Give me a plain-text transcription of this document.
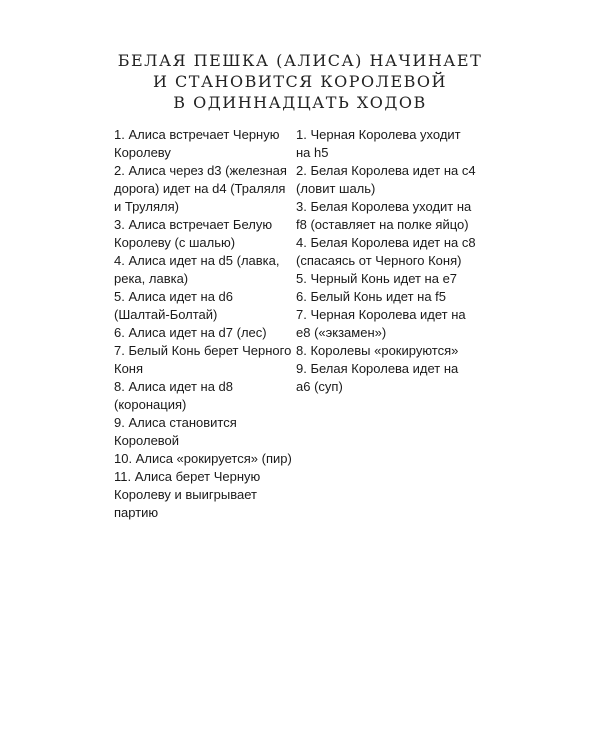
БЕЛАЯ ПЕШКА (АЛИСА) НАЧИНАЕТ
И СТАНОВИТСЯ КОРОЛЕВОЙ
В ОДИННАДЦАТЬ ХОДОВ
1. Алиса встречает Черную Королеву
2. Алиса через d3 (железная дорога) идет на d4 (Траляля и Труляля)
3. Алиса встречает Белую Королеву (с шалью)
4. Алиса идет на d5 (лавка, река, лавка)
5. Алиса идет на d6 (Шалтай-Болтай)
6. Алиса идет на d7 (лес)
7. Белый Конь берет Черного Коня
8. Алиса идет на d8 (коронация)
9. Алиса становится Королевой
10. Алиса «рокируется» (пир)
11. Алиса берет Черную Королеву и выигрывает партию
1. Черная Королева уходит на h5
2. Белая Королева идет на c4 (ловит шаль)
3. Белая Королева уходит на f8 (оставляет на полке яйцо)
4. Белая Королева идет на c8 (спасаясь от Черного Коня)
5. Черный Конь идет на e7
6. Белый Конь идет на f5
7. Черная Королева идет на e8 («экзамен»)
8. Королевы «рокируются»
9. Белая Королева идет на a6 (суп)
